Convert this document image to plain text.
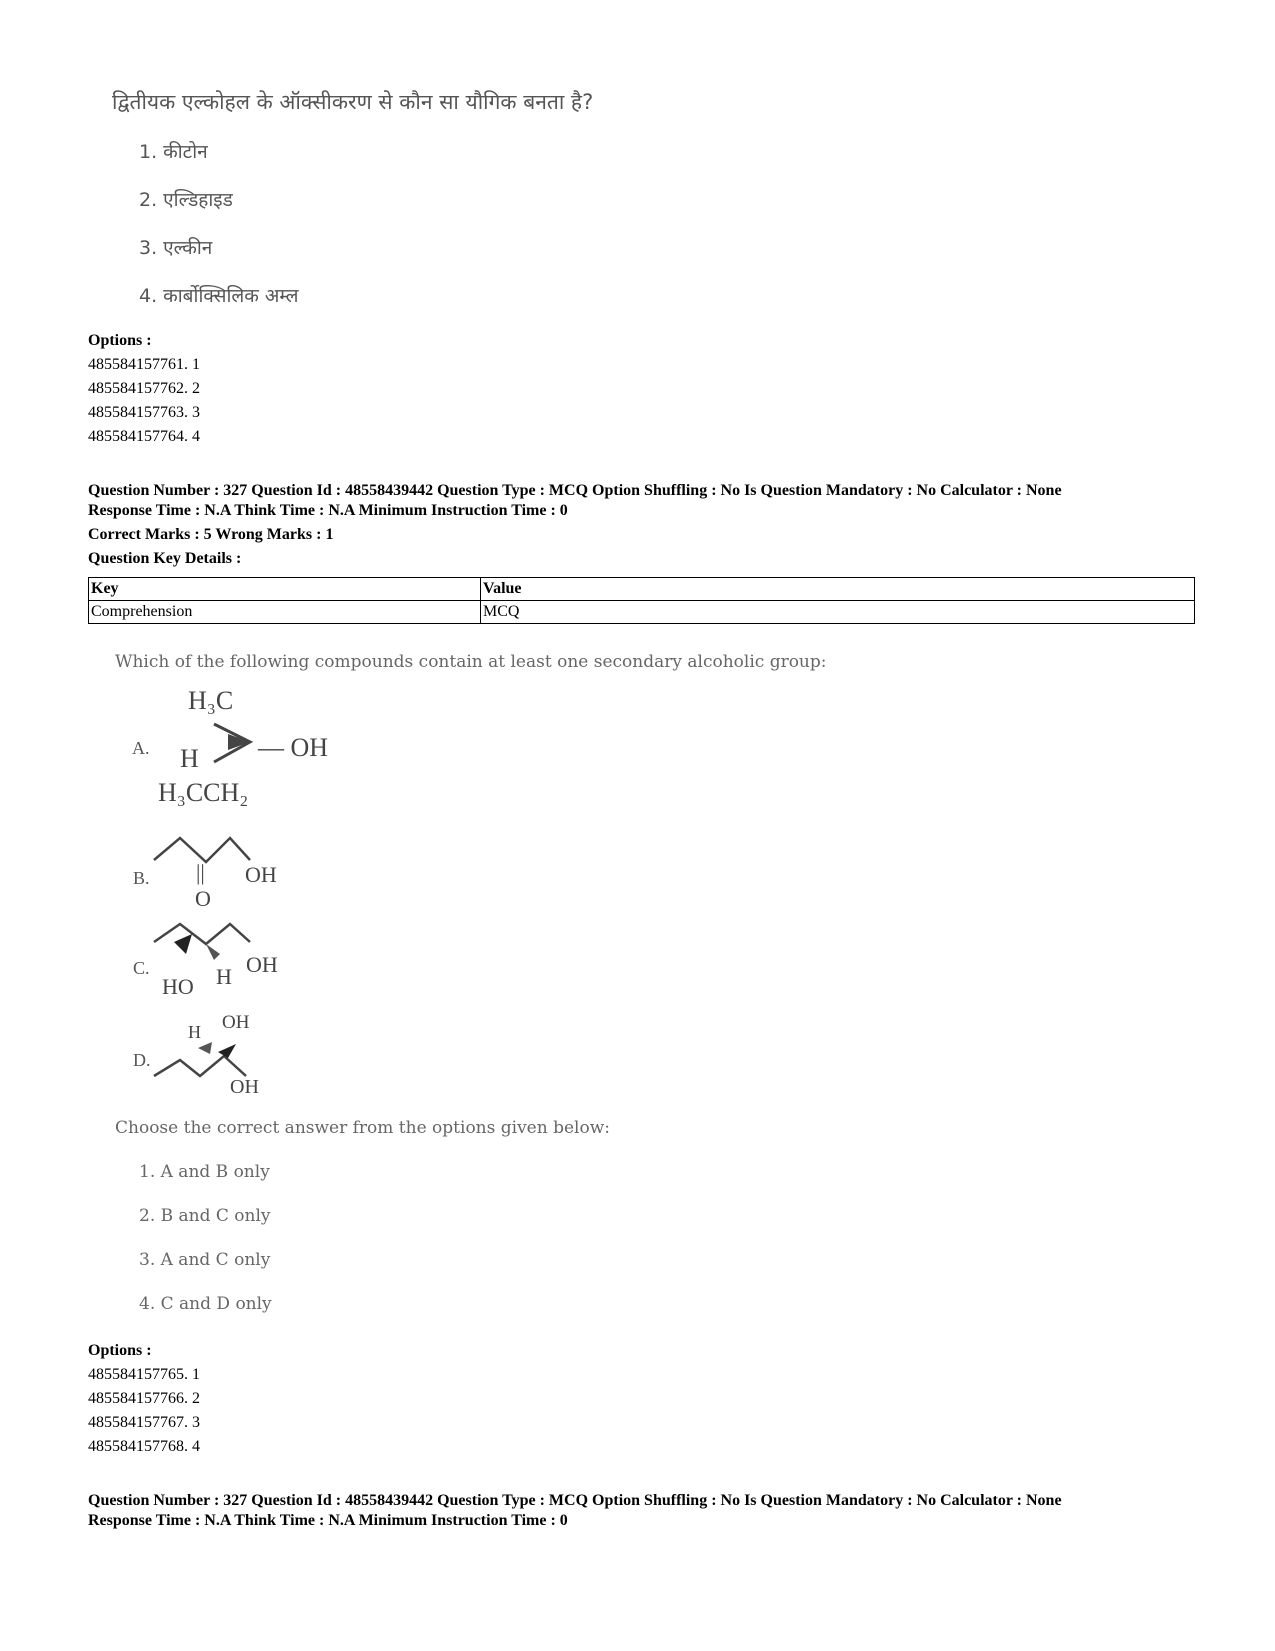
द्वितीयक एल्कोहल के ऑक्सीकरण से कौन सा यौगिक बनता है?
1. कीटोन
2. एल्डिहाइड
3. एल्कीन
4. कार्बोक्सिलिक अम्ल
Options :
485584157761. 1
485584157762. 2
485584157763. 3
485584157764. 4
Question Number : 327 Question Id : 48558439442 Question Type : MCQ Option Shuffling : No Is Question Mandatory : No Calculator : None
Response Time : N.A Think Time : N.A Minimum Instruction Time : 0
Correct Marks : 5 Wrong Marks : 1
Question Key Details :
Key	Value
Comprehension	MCQ
Which of the following compounds contain at least one secondary alcoholic group:
A.
H₃C
H — OH
H₃CCH₂
B. || OH
O
C.	OH
HO H
D.
H OH
OH
Choose the correct answer from the options given below:
1. A and B only
2. B and C only
3. A and C only
4. C and D only
Options :
485584157765. 1
485584157766. 2
485584157767. 3
485584157768. 4
Question Number : 327 Question Id : 48558439442 Question Type : MCQ Option Shuffling : No Is Question Mandatory : No Calculator : None
Response Time : N.A Think Time : N.A Minimum Instruction Time : 0
